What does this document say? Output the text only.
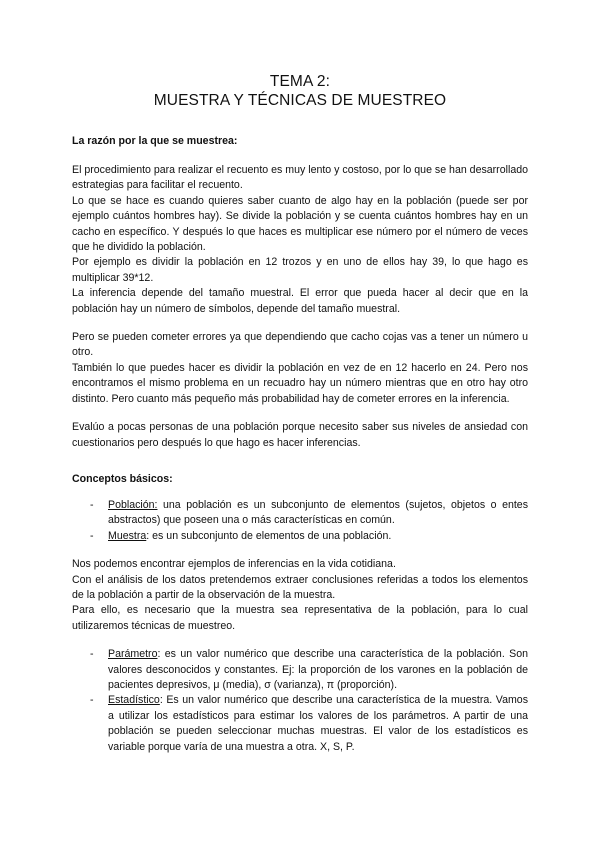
TEMA 2:
MUESTRA Y TÉCNICAS DE MUESTREO
La razón por la que se muestrea:
El procedimiento para realizar el recuento es muy lento y costoso, por lo que se han desarrollado estrategias para facilitar el recuento.
Lo que se hace es cuando quieres saber cuanto de algo hay en la población (puede ser por ejemplo cuántos hombres hay). Se divide la población y se cuenta cuántos hombres hay en un cacho en específico. Y después lo que haces es multiplicar ese número por el número de veces que he dividido la población.
Por ejemplo es dividir la población en 12 trozos y en uno de ellos hay 39, lo que hago es multiplicar 39*12.
La inferencia depende del tamaño muestral. El error que pueda hacer al decir que en la población hay un número de símbolos, depende del tamaño muestral.
Pero se pueden cometer errores ya que dependiendo que cacho cojas vas a tener un número u otro.
También lo que puedes hacer es dividir la población en vez de en 12 hacerlo en 24. Pero nos encontramos el mismo problema en un recuadro hay un número mientras que en otro hay otro distinto. Pero cuanto más pequeño más probabilidad hay de cometer errores en la inferencia.
Evalúo a pocas personas de una población porque necesito saber sus niveles de ansiedad con cuestionarios pero después lo que hago es hacer inferencias.
Conceptos básicos:
- Población: una población es un subconjunto de elementos (sujetos, objetos o entes abstractos) que poseen una o más características en común.
- Muestra: es un subconjunto de elementos de una población.
Nos podemos encontrar ejemplos de inferencias en la vida cotidiana.
Con el análisis de los datos pretendemos extraer conclusiones referidas a todos los elementos de la población a partir de la observación de la muestra.
Para ello, es necesario que la muestra sea representativa de la población, para lo cual utilizaremos técnicas de muestreo.
- Parámetro: es un valor numérico que describe una característica de la población. Son valores desconocidos y constantes. Ej: la proporción de los varones en la población de pacientes depresivos, μ (media), σ (varianza), π (proporción).
- Estadístico: Es un valor numérico que describe una característica de la muestra. Vamos a utilizar los estadísticos para estimar los valores de los parámetros. A partir de una población se pueden seleccionar muchas muestras. El valor de los estadísticos es variable porque varía de una muestra a otra. X, S, P.
